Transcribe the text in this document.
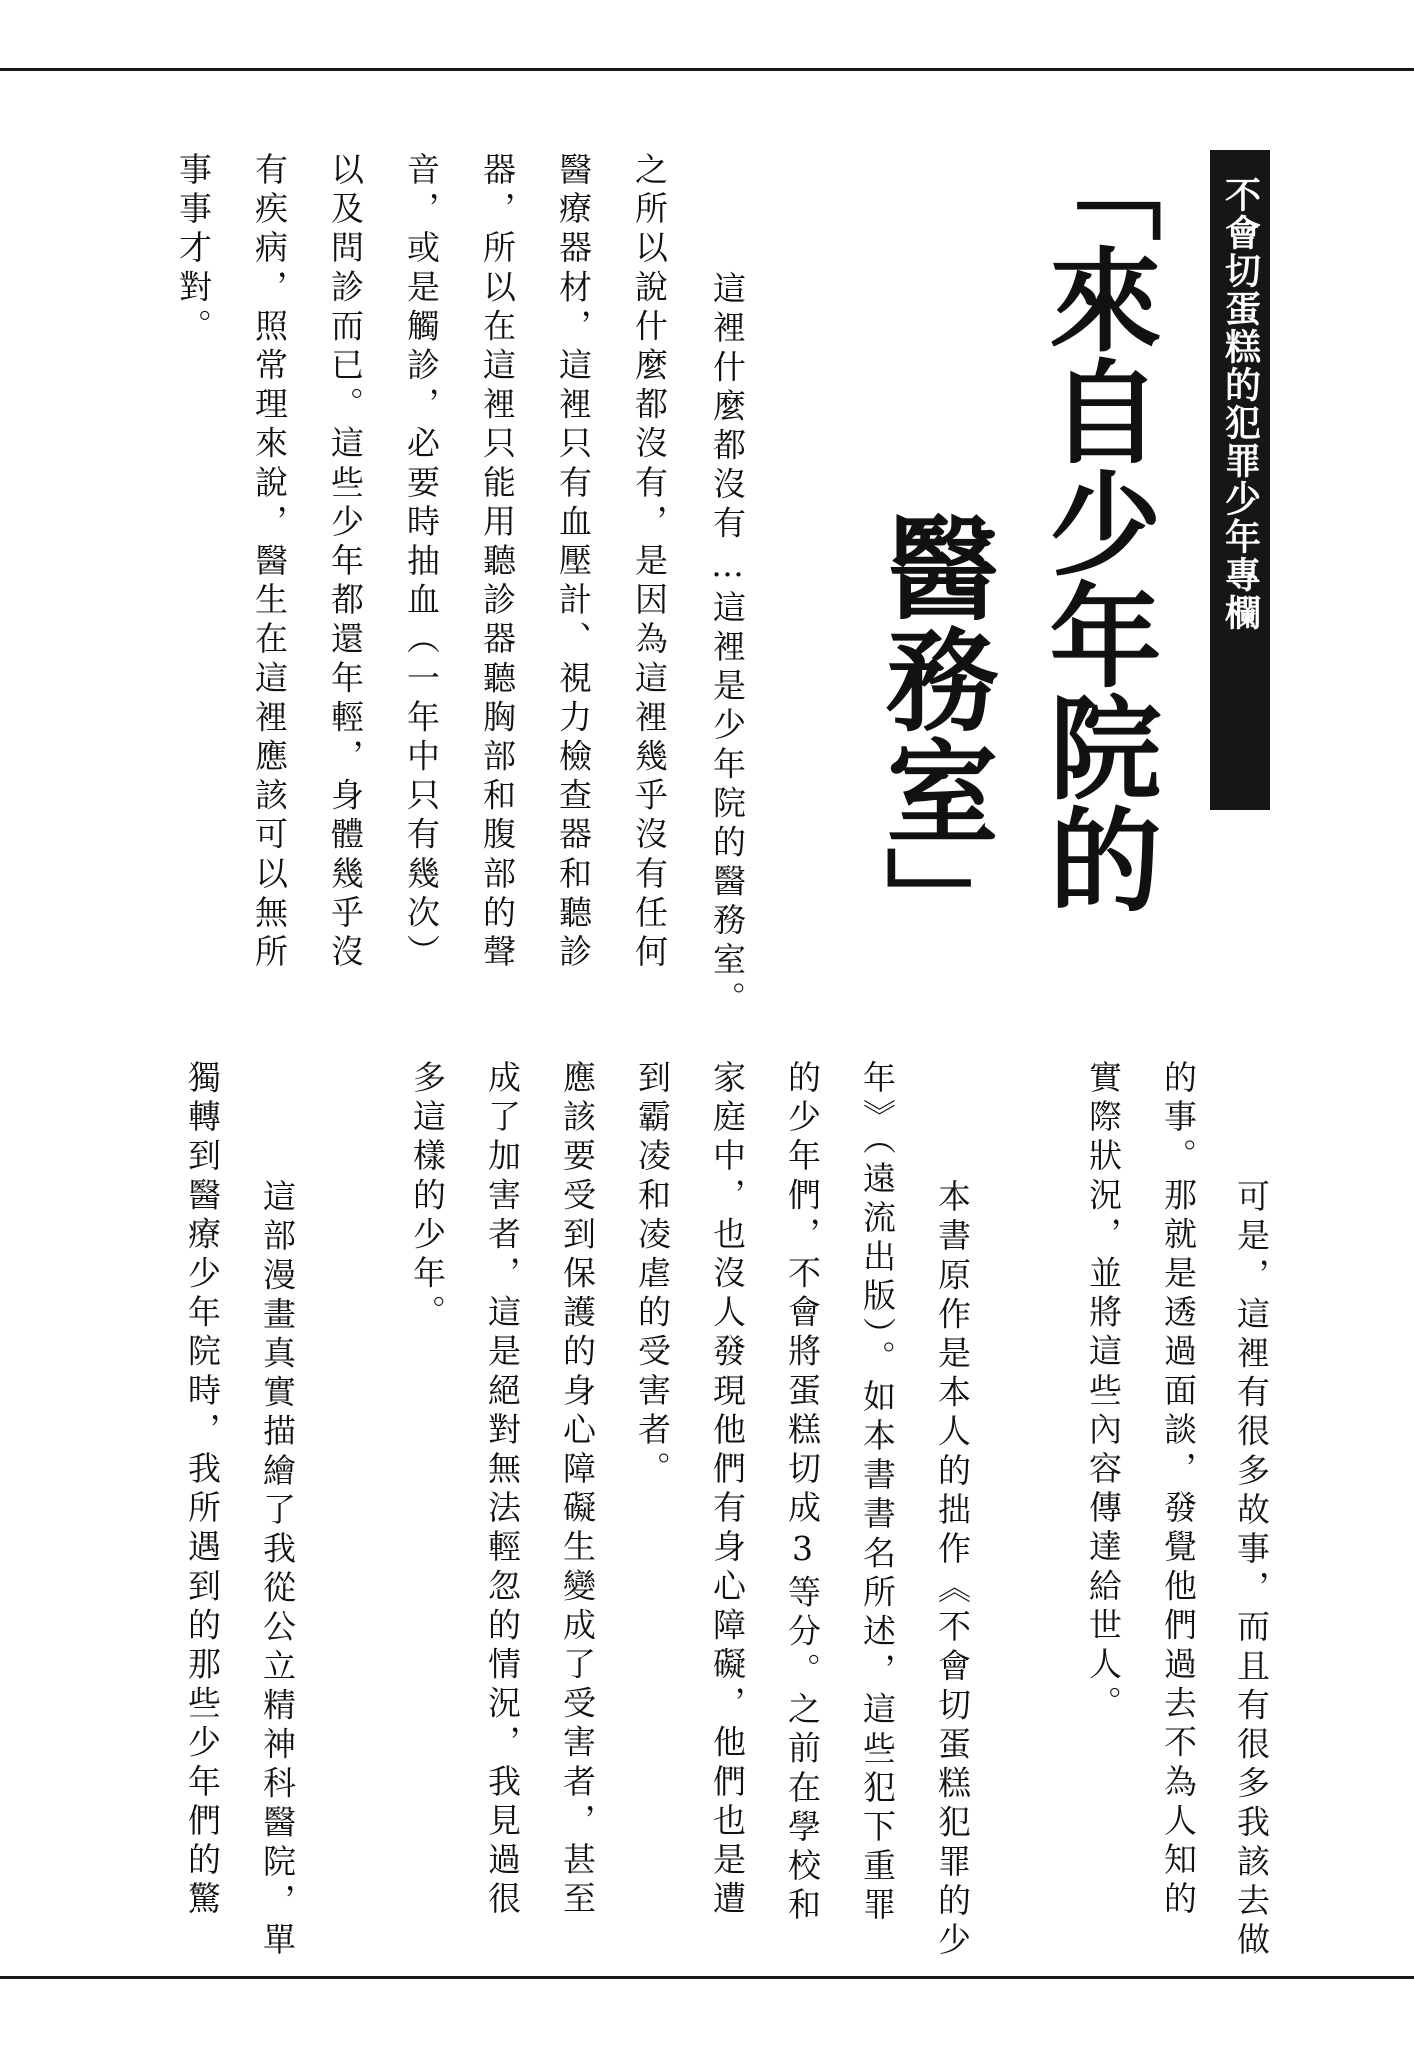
不會切蛋糕的犯罪少年專欄
「來自少年院的
醫務室」
　這裡什麼都沒有…這裡是少年院的醫務室。
之所以說什麼都沒有，是因為這裡幾乎沒有任何
醫療器材，這裡只有血壓計、視力檢查器和聽診
器，所以在這裡只能用聽診器聽胸部和腹部的聲
音，或是觸診，必要時抽血（一年中只有幾次）
以及問診而已。這些少年都還年輕，身體幾乎沒
有疾病，照常理來說，醫生在這裡應該可以無所
事事才對。
　可是，這裡有很多故事，而且有很多我該去做
的事。那就是透過面談，發覺他們過去不為人知的
實際狀況，並將這些內容傳達給世人。
　本書原作是本人的拙作《不會切蛋糕犯罪的少
年》（遠流出版）。如本書書名所述，這些犯下重罪
的少年們，不會將蛋糕切成3等分。之前在學校和
家庭中，也沒人發現他們有身心障礙，他們也是遭
到霸凌和凌虐的受害者。
應該要受到保護的身心障礙生變成了受害者，甚至
成了加害者，這是絕對無法輕忽的情況，我見過很
多這樣的少年。
　這部漫畫真實描繪了我從公立精神科醫院，單
獨轉到醫療少年院時，我所遇到的那些少年們的驚
